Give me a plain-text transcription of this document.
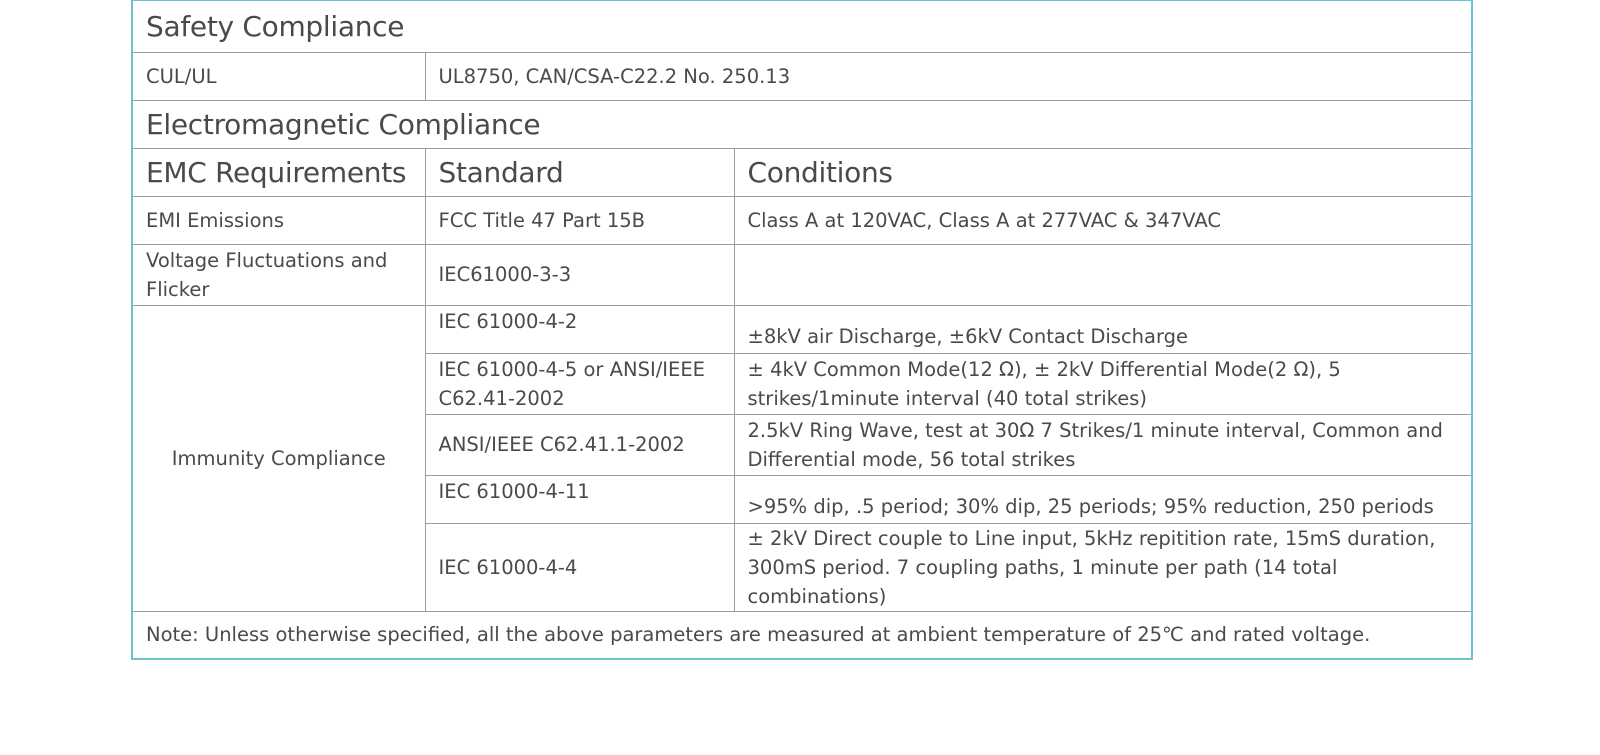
Safety Compliance		
CUL/UL	UL8750, CAN/CSA-C22.2 No. 250.13	
Electromagnetic Compliance		
EMC Requirements	Standard	Conditions
EMI Emissions	FCC Title 47 Part 15B	Class A at 120VAC, Class A at 277VAC & 347VAC
Voltage Fluctuations and Flicker	IEC61000-3-3	
Immunity Compliance	IEC 61000-4-2	±8kV air Discharge, ±6kV Contact Discharge
	IEC 61000-4-5 or ANSI/IEEE C62.41-2002	± 4kV Common Mode(12 Ω), ± 2kV Differential Mode(2 Ω), 5 strikes/1minute interval (40 total strikes)
	ANSI/IEEE C62.41.1-2002	2.5kV Ring Wave, test at 30Ω 7 Strikes/1 minute interval, Common and Differential mode, 56 total strikes
	IEC 61000-4-11	>95% dip, .5 period; 30% dip, 25 periods; 95% reduction, 250 periods
	IEC 61000-4-4	± 2kV Direct couple to Line input, 5kHz repitition rate, 15mS duration, 300mS period. 7 coupling paths, 1 minute per path (14 total combinations)
Note: Unless otherwise specified, all the above parameters are measured at ambient temperature of 25℃ and rated voltage.		
